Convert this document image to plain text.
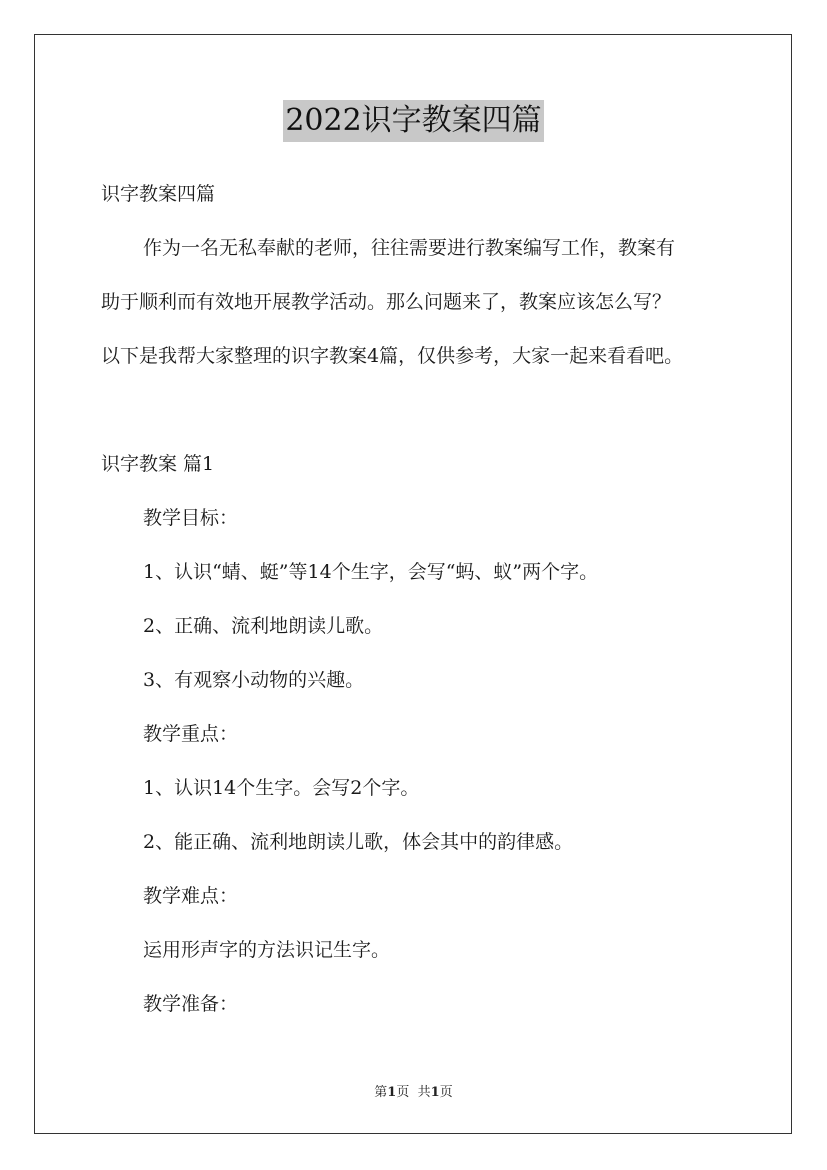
2022识字教案四篇
识字教案四篇
作为一名无私奉献的老师，往往需要进行教案编写工作，教案有
助于顺利而有效地开展教学活动。那么问题来了，教案应该怎么写？
以下是我帮大家整理的识字教案4篇，仅供参考，大家一起来看看吧。
识字教案 篇1
教学目标：
1、认识“蜻、蜓”等14个生字，会写“蚂、蚁”两个字。
2、正确、流利地朗读儿歌。
3、有观察小动物的兴趣。
教学重点：
1、认识14个生字。会写2个字。
2、能正确、流利地朗读儿歌，体会其中的韵律感。
教学难点：
运用形声字的方法识记生字。
教学准备：
第1页 共1页
